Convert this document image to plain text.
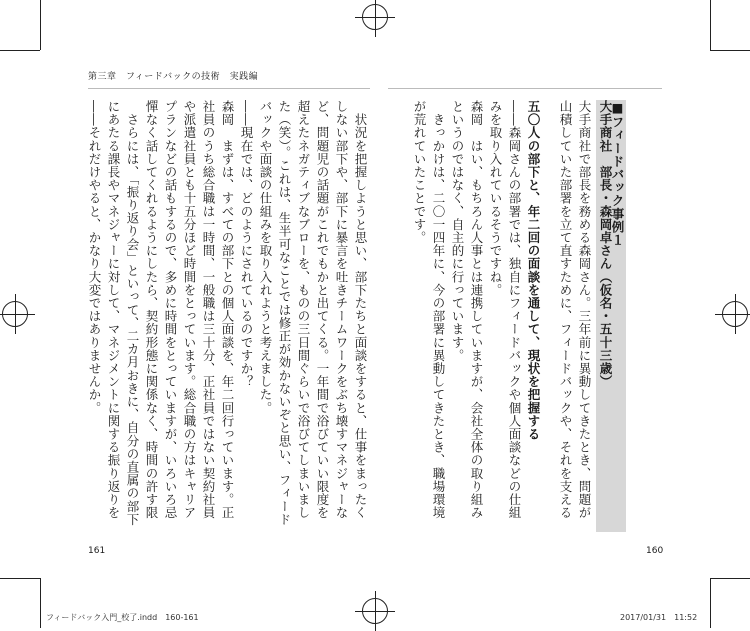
第三章　フィードバックの技術　実践編
■フィードバック事例１
大手商社　部長・森岡卓さん（仮名・五十三歳）
大手商社で部長を務める森岡さん。三年前に異動してきたとき、問題が山積していた部署を立て直すために、フィードバックや、それを支える
五〇人の部下と、年二回の面談を通して、現状を把握する
――森岡さんの部署では、独自にフィードバックや個人面談などの仕組みを取り入れているそうですね。
森岡　はい、もちろん人事とは連携していますが、会社全体の取り組みというのではなく、自主的に行っています。
　きっかけは、二〇一四年に、今の部署に異動してきたとき、職場環境が荒れていたことです。
　状況を把握しようと思い、部下たちと面談をすると、仕事をまったくしない部下や、部下に暴言を吐きチームワークをぶち壊すマネジャーなど、問題児の話題がこれでもかと出てくる。一年間で浴びていい限度を超えたネガティブなブローを、ものの三日間ぐらいで浴びてしまいました（笑）。これは、生半可なことでは修正が効かないぞと思い、フィードバックや面談の仕組みを取り入れようと考えました。
――現在では、どのようにされているのですか？
森岡　まずは、すべての部下との個人面談を、年二回行っています。正社員のうち総合職は一時間、一般職は三十分、正社員ではない契約社員や派遣社員とも十五分ほど時間をとっています。総合職の方はキャリアプランなどの話もするので、多めに時間をとっていますが、いろいろ忌憚なく話してくれるようにしたら、契約形態に関係なく、時間の許す限
　さらには、「振り返り会」といって、二カ月おきに、自分の直属の部下にあたる課長やマネジャーに対して、マネジメントに関する振り返りを
――それだけやると、かなり大変ではありませんか。
161	160
フィードバック入門_校了.indd　160-161	2017/01/31　11:52
